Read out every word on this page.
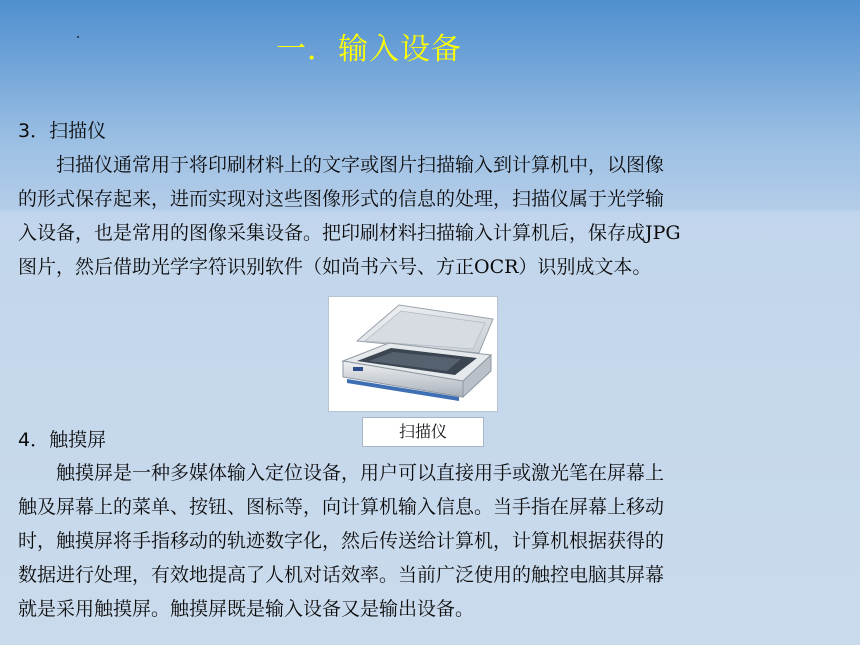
一．输入设备
3．扫描仪
扫描仪通常用于将印刷材料上的文字或图片扫描输入到计算机中，以图像
的形式保存起来，进而实现对这些图像形式的信息的处理，扫描仪属于光学输
入设备，也是常用的图像采集设备。把印刷材料扫描输入计算机后，保存成JPG
图片，然后借助光学字符识别软件（如尚书六号、方正OCR）识别成文本。
扫描仪
4．触摸屏
触摸屏是一种多媒体输入定位设备，用户可以直接用手或激光笔在屏幕上
触及屏幕上的菜单、按钮、图标等，向计算机输入信息。当手指在屏幕上移动
时，触摸屏将手指移动的轨迹数字化，然后传送给计算机，计算机根据获得的
数据进行处理，有效地提高了人机对话效率。当前广泛使用的触控电脑其屏幕
就是采用触摸屏。触摸屏既是输入设备又是输出设备。
